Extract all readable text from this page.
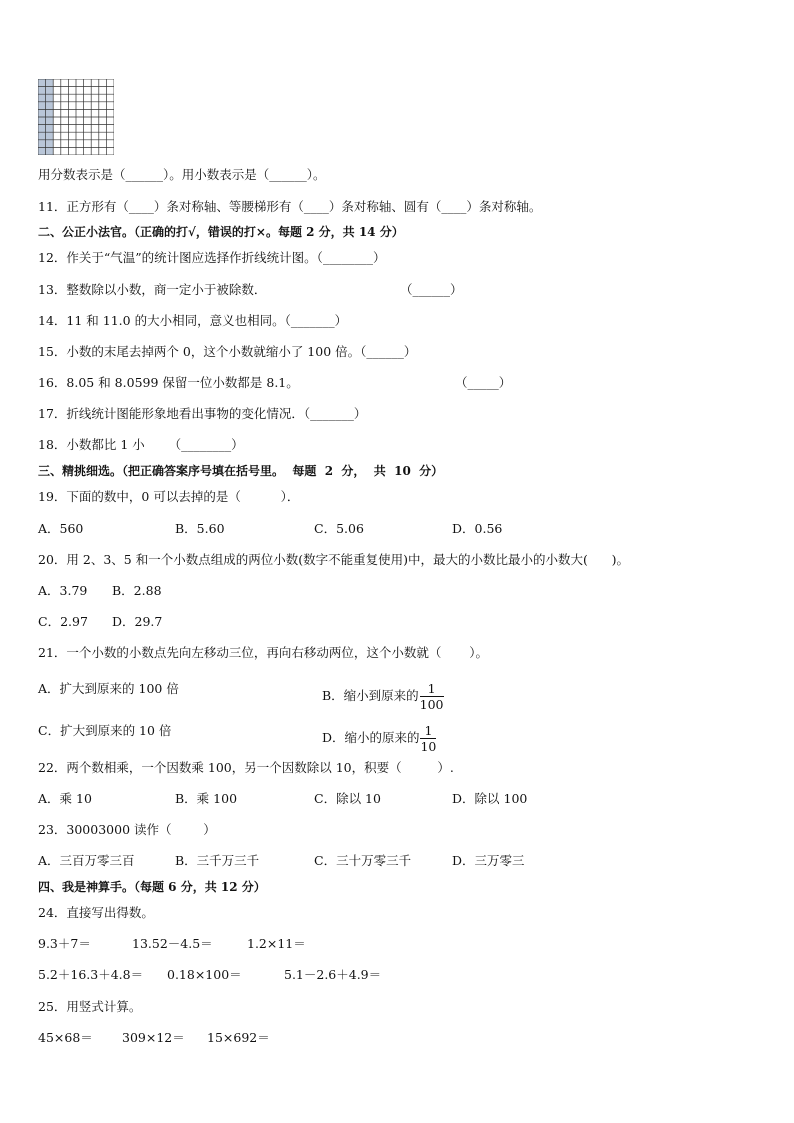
用分数表示是（______）。用小数表示是（______）。
11．正方形有（____）条对称轴、等腰梯形有（____）条对称轴、圆有（____）条对称轴。
二、公正小法官。（正确的打√，错误的打×。每题 2 分，共 14 分）
12．作关于“气温”的统计图应选择作折线统计图。（________）
13．整数除以小数，商一定小于被除数．	（______）
14．11 和 11.0 的大小相同，意义也相同。（_______）
15．小数的末尾去掉两个 0，这个小数就缩小了 100 倍。（______）
16．8.05 和 8.0599 保留一位小数都是 8.1。	（_____）
17．折线统计图能形象地看出事物的变化情况．（_______）
18．小数都比 1 小      （________）
三、精挑细选。（把正确答案序号填在括号里。  每题  2  分，  共  10  分）
19．下面的数中，0 可以去掉的是（          ）．
A．560	B．5.60	C．5.06	D．0.56
20．用 2、3、5 和一个小数点组成的两位小数(数字不能重复使用)中，最大的小数比最小的小数大(      )。
A．3.79 B．2.88
C．2.97 D．29.7
21．一个小数的小数点先向左移动三位，再向右移动两位，这个小数就（       ）。
A．扩大到原来的 100 倍	B．缩小到原来的 $\frac{1}{100}$

C．扩大到原来的 10 倍	D．缩小的原来的 $\frac{1}{10}$

22．两个数相乘，一个因数乘 100，另一个因数除以 10，积要（         ）.
A．乘 10	B．乘 100	C．除以 10	D．除以 100
23．30003000 读作（        ）
A．三百万零三百	B．三千万三千	C．三十万零三千	D．三万零三
四、我是神算手。（每题 6 分，共 12 分）
24．直接写出得数。
9.3＋7＝	13.52－4.5＝	1.2×11＝
5.2＋16.3＋4.8＝ 0.18×100＝	5.1－2.6＋4.9＝
25．用竖式计算。
45×68＝ 309×12＝ 15×692＝
